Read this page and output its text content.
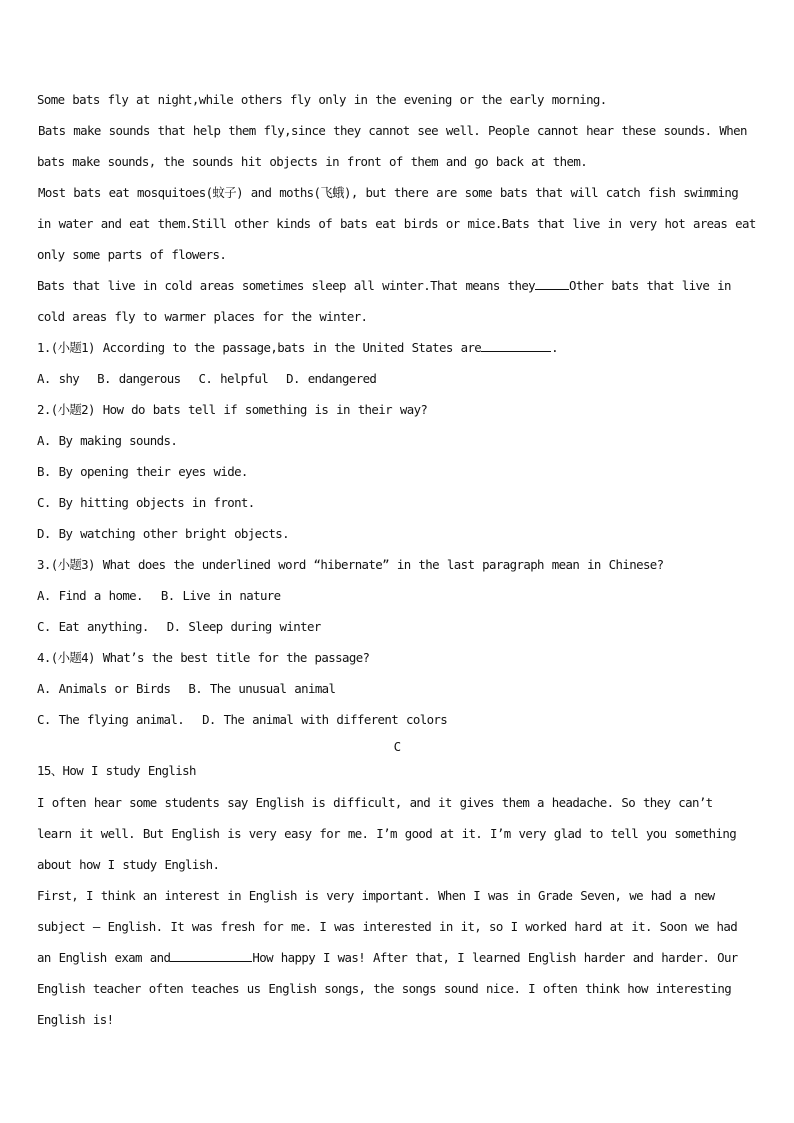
Some bats fly at night,while others fly only in the evening or the early morning.
Bats make sounds that help them fly,since they cannot see well. People cannot hear these sounds. When
bats make sounds, the sounds hit objects in front of them and go back at them.
Most bats eat mosquitoes(蚊子) and moths(飞蛾), but there are some bats that will catch fish swimming
in water and eat them.Still other kinds of bats eat birds or mice.Bats that live in very hot areas eat
only some parts of flowers.
Bats that live in cold areas sometimes sleep all winter.That means they	Other bats that live in
cold areas fly to warmer places for the winter.
1.(小题1) According to the passage,bats in the United States are	.
A. shy B. dangerous C. helpful D. endangered
2.(小题2) How do bats tell if something is in their way?
A. By making sounds.
B. By opening their eyes wide.
C. By hitting objects in front.
D. By watching other bright objects.
3.(小题3) What does the underlined word “hibernate” in the last paragraph mean in Chinese?
A. Find a home. B. Live in nature
C. Eat anything. D. Sleep during winter
4.(小题4) What’s the best title for the passage?
A. Animals or Birds B. The unusual animal
C. The flying animal. D. The animal with different colors
C
15、How I study English
I often hear some students say English is difficult, and it gives them a headache. So they can’t
learn it well. But English is very easy for me. I’m good at it. I’m very glad to tell you something
about how I study English.
First, I think an interest in English is very important. When I was in Grade Seven, we had a new
subject – English. It was fresh for me. I was interested in it, so I worked hard at it. Soon we had
an English exam and	How happy I was! After that, I learned English harder and harder. Our
English teacher often teaches us English songs, the songs sound nice. I often think how interesting
English is!
